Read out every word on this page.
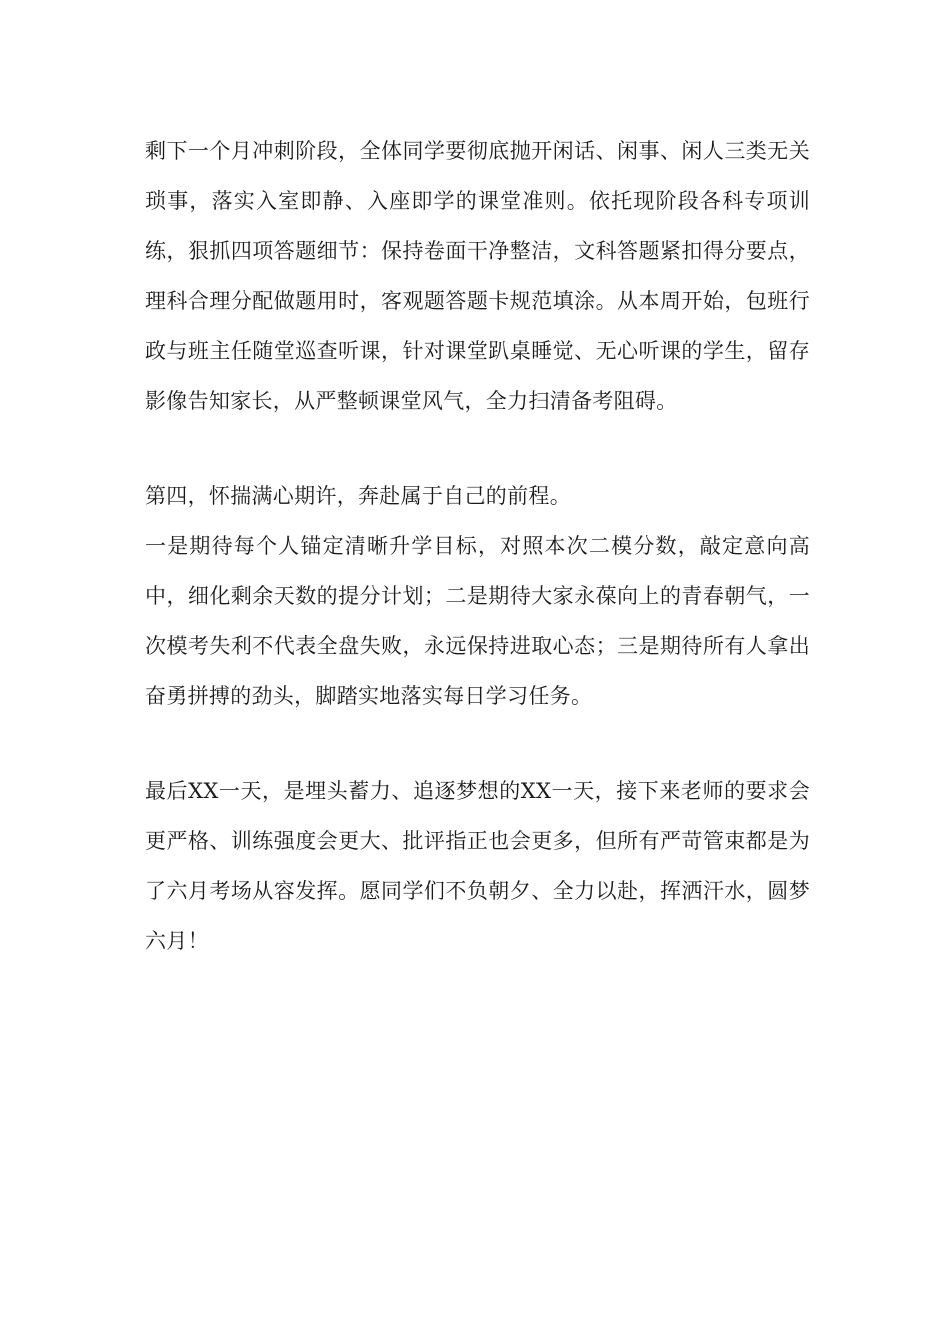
剩下一个月冲刺阶段，全体同学要彻底抛开闲话、闲事、闲人三类无关琐事，落实入室即静、入座即学的课堂准则。依托现阶段各科专项训练，狠抓四项答题细节：保持卷面干净整洁，文科答题紧扣得分要点，理科合理分配做题用时，客观题答题卡规范填涂。从本周开始，包班行政与班主任随堂巡查听课，针对课堂趴桌睡觉、无心听课的学生，留存影像告知家长，从严整顿课堂风气，全力扫清备考阻碍。

第四，怀揣满心期许，奔赴属于自己的前程。

一是期待每个人锚定清晰升学目标，对照本次二模分数，敲定意向高中，细化剩余天数的提分计划；二是期待大家永葆向上的青春朝气，一次模考失利不代表全盘失败，永远保持进取心态；三是期待所有人拿出奋勇拼搏的劲头，脚踏实地落实每日学习任务。

最后XX一天，是埋头蓄力、追逐梦想的XX一天，接下来老师的要求会更严格、训练强度会更大、批评指正也会更多，但所有严苛管束都是为了六月考场从容发挥。愿同学们不负朝夕、全力以赴，挥洒汗水，圆梦六月！
